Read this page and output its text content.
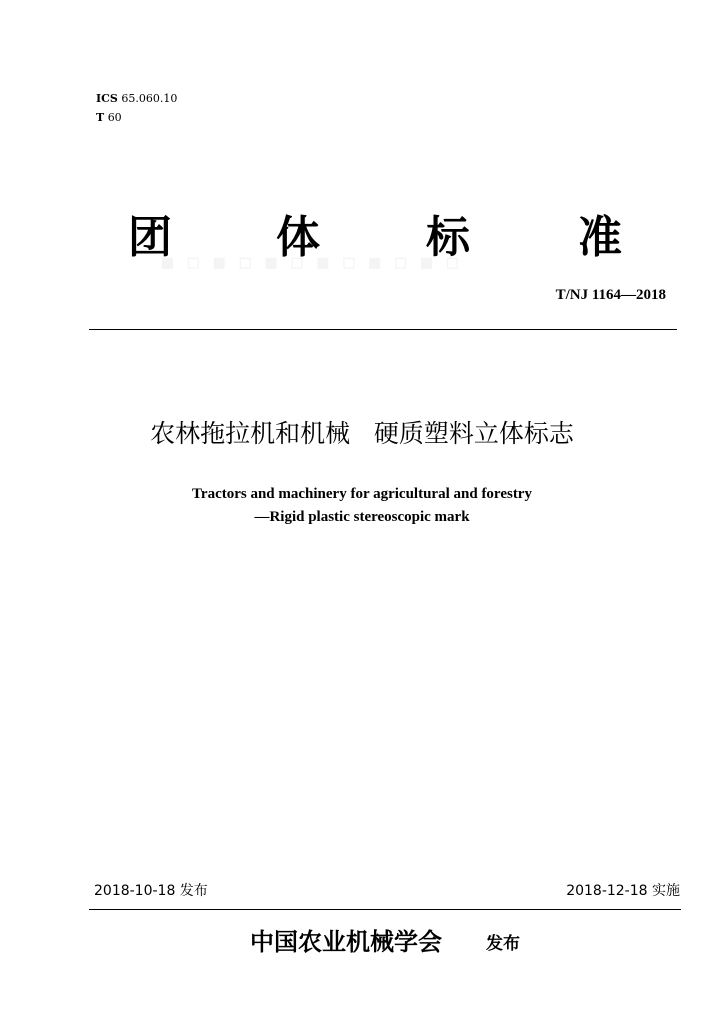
ICS 65.060.10
T 60
▪ ▫ ▪ ▫ ▪ ▫ ▪ ▫ ▪ ▫ ▪ ▫
团 体 标 准
T/NJ 1164—2018
农林拖拉机和机械   硬质塑料立体标志
Tractors and machinery for agricultural and forestry
—Rigid plastic stereoscopic mark
2018-10-18 发布	2018-12-18 实施
中国农业机械学会	发布
